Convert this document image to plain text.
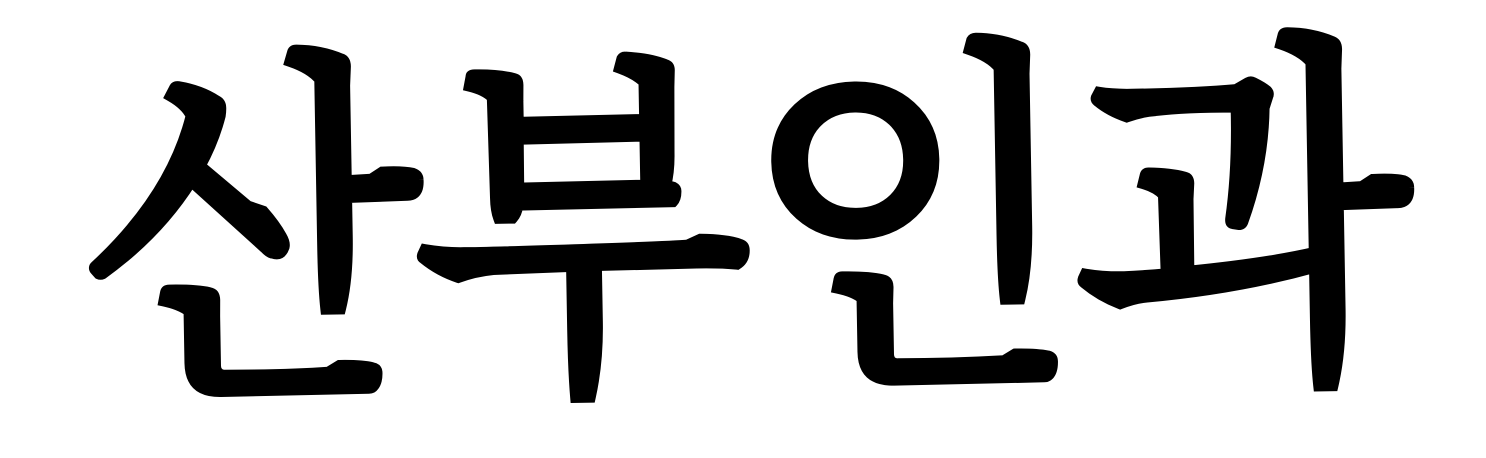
산부인과
